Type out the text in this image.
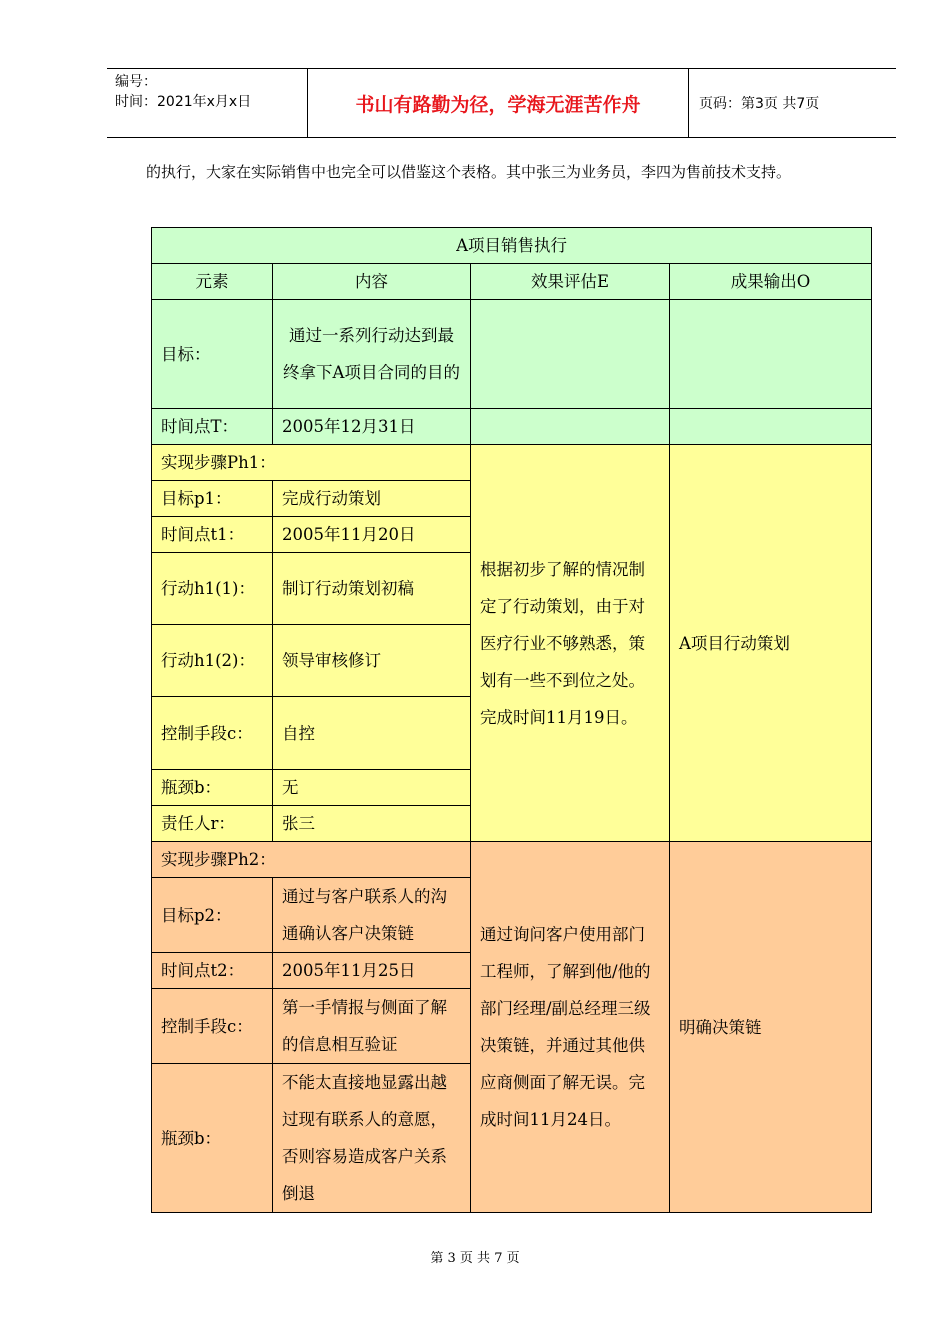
编号：
时间：2021年x月x日	书山有路勤为径，学海无涯苦作舟	页码：第3页 共7页
的执行，大家在实际销售中也完全可以借鉴这个表格。其中张三为业务员，李四为售前技术支持。
A项目销售执行			
元素	内容	效果评估E	成果输出O
目标：	通过一系列行动达到最终拿下A项目合同的目的		
时间点T：	2005年12月31日		
实现步骤Ph1：		根据初步了解的情况制定了行动策划，由于对医疗行业不够熟悉，策划有一些不到位之处。完成时间11月19日。	A项目行动策划
目标p1：	完成行动策划		
时间点t1：	2005年11月20日		
行动h1(1)：	制订行动策划初稿		
行动h1(2)：	领导审核修订		
控制手段c：	自控		
瓶颈b：	无		
责任人r：	张三		
实现步骤Ph2：		通过询问客户使用部门工程师，了解到他/他的部门经理/副总经理三级决策链，并通过其他供应商侧面了解无误。完成时间11月24日。	明确决策链
目标p2：	通过与客户联系人的沟通确认客户决策链		
时间点t2：	2005年11月25日		
控制手段c：	第一手情报与侧面了解的信息相互验证		
瓶颈b：	不能太直接地显露出越过现有联系人的意愿，否则容易造成客户关系倒退		
第 3 页 共 7 页
